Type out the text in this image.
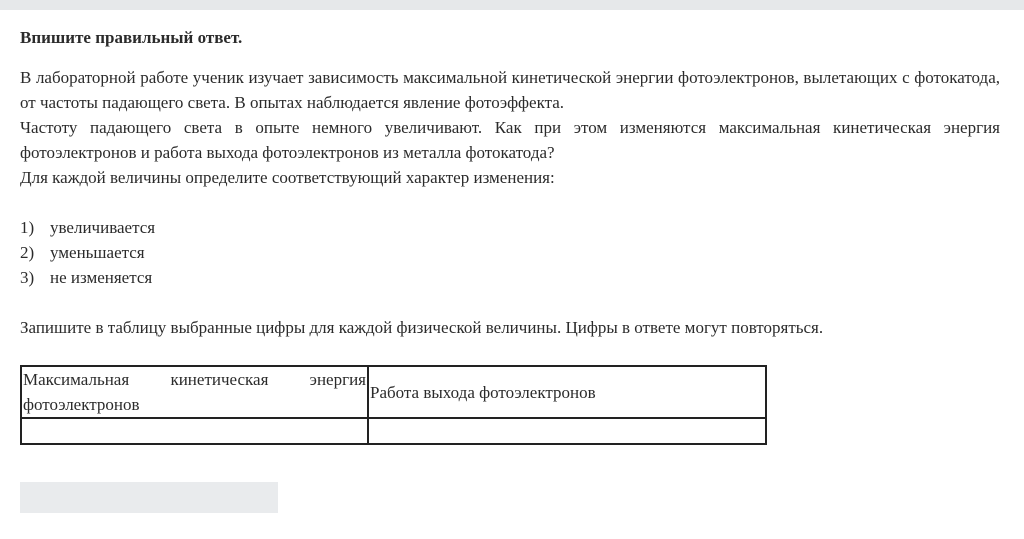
Впишите правильный ответ.

В лабораторной работе ученик изучает зависимость максимальной кинетической энергии фотоэлектронов, вылетающих с фотокатода, от частоты падающего света. В опытах наблюдается явление фотоэффекта.

Частоту падающего света в опыте немного увеличивают. Как при этом изменяются максимальная кинетическая энергия фотоэлектронов и работа выхода фотоэлектронов из металла фотокатода?

Для каждой величины определите соответствующий характер изменения:

1) увеличивается
2) уменьшается
3) не изменяется
Запишите в таблицу выбранные цифры для каждой физической величины. Цифры в ответе могут повторяться.
Максимальная кинетическая энергия фотоэлектронов	Работа выхода фотоэлектронов
